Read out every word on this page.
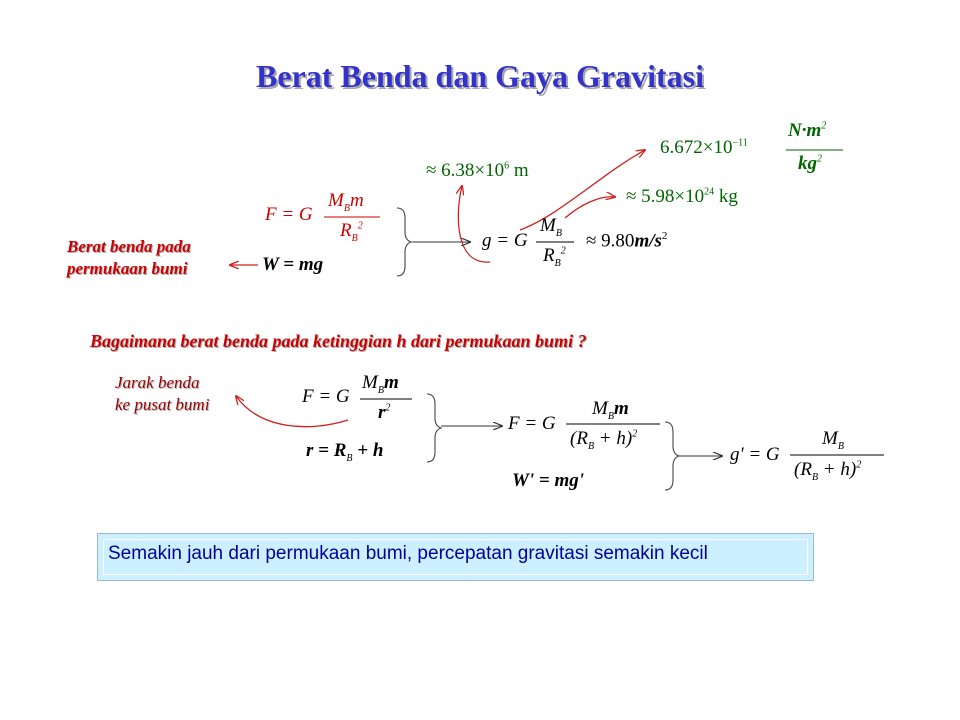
Berat Benda dan Gaya Gravitasi
Berat benda pada
permukaan bumi
F = G
$M_Bm$
$R_B^2$
W = mg
g = G
$M_B$
$R_B^2 \approx 9.80m/s^2$
≈ $6.38\times 10^6$ m
$6.672\times 10^{-11}$
$N\cdot m^2$
$kg^2$
≈ $5.98\times 10^{24}$ kg
Bagaimana berat benda pada ketinggian h dari permukaan bumi ?
Jarak benda
ke pusat bumi	F = G
$M_Bm$
$r^2$
$r = R_B + h$
F = G
$M_Bm$
$(R_B + h)^2$
W' = mg'
g' = G
$M_B$
$(R_B + h)^2$
Semakin jauh dari permukaan bumi, percepatan gravitasi semakin kecil
